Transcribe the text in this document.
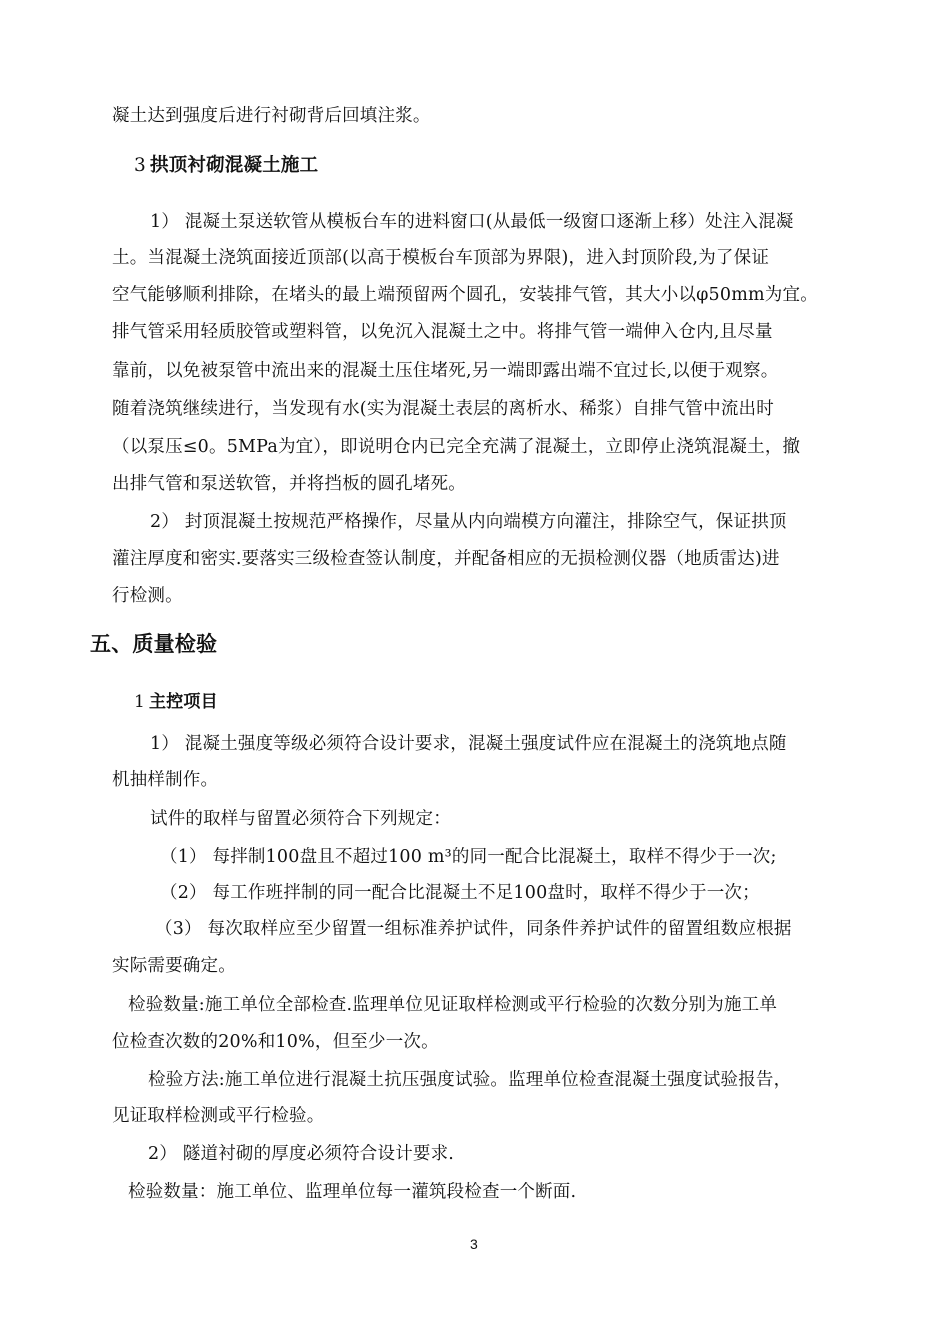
凝土达到强度后进行衬砌背后回填注浆。
3 拱顶衬砌混凝土施工
1） 混凝土泵送软管从模板台车的进料窗口(从最低一级窗口逐渐上移）处注入混凝
土。当混凝土浇筑面接近顶部(以高于模板台车顶部为界限)，进入封顶阶段,为了保证
空气能够顺利排除，在堵头的最上端预留两个圆孔，安装排气管，其大小以φ50mm为宜。
排气管采用轻质胶管或塑料管，以免沉入混凝土之中。将排气管一端伸入仓内,且尽量
靠前，以免被泵管中流出来的混凝土压住堵死,另一端即露出端不宜过长,以便于观察。
随着浇筑继续进行，当发现有水(实为混凝土表层的离析水、稀浆）自排气管中流出时
（以泵压≤0。5MPa为宜），即说明仓内已完全充满了混凝土，立即停止浇筑混凝土，撤
出排气管和泵送软管，并将挡板的圆孔堵死。
2） 封顶混凝土按规范严格操作，尽量从内向端模方向灌注，排除空气，保证拱顶
灌注厚度和密实.要落实三级检查签认制度，并配备相应的无损检测仪器（地质雷达)进
行检测。
五、质量检验
1 主控项目
1） 混凝土强度等级必须符合设计要求，混凝土强度试件应在混凝土的浇筑地点随
机抽样制作。
试件的取样与留置必须符合下列规定：
（1） 每拌制100盘且不超过100 m³的同一配合比混凝土，取样不得少于一次;
（2） 每工作班拌制的同一配合比混凝土不足100盘时，取样不得少于一次；
（3） 每次取样应至少留置一组标准养护试件，同条件养护试件的留置组数应根据
实际需要确定。
检验数量:施工单位全部检查.监理单位见证取样检测或平行检验的次数分别为施工单
位检查次数的20%和10%，但至少一次。
检验方法:施工单位进行混凝土抗压强度试验。监理单位检查混凝土强度试验报告，
见证取样检测或平行检验。
2） 隧道衬砌的厚度必须符合设计要求.
检验数量：施工单位、监理单位每一灌筑段检查一个断面.
3
